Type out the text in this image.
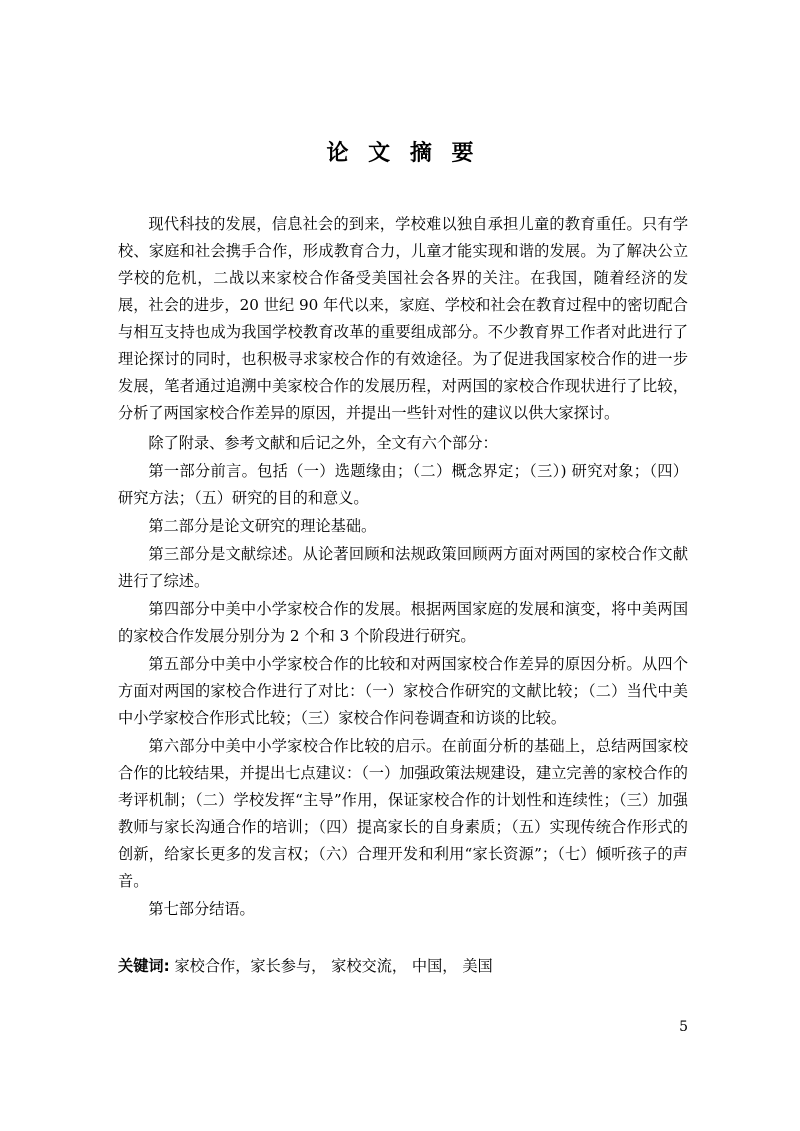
论 文 摘 要

现代科技的发展，信息社会的到来，学校难以独自承担儿童的教育重任。只有学校、家庭和社会携手合作，形成教育合力，儿童才能实现和谐的发展。为了解决公立学校的危机，二战以来家校合作备受美国社会各界的关注。在我国，随着经济的发展，社会的进步，20 世纪 90 年代以来，家庭、学校和社会在教育过程中的密切配合与相互支持也成为我国学校教育改革的重要组成部分。不少教育界工作者对此进行了理论探讨的同时，也积极寻求家校合作的有效途径。为了促进我国家校合作的进一步发展，笔者通过追溯中美家校合作的发展历程，对两国的家校合作现状进行了比较，分析了两国家校合作差异的原因，并提出一些针对性的建议以供大家探讨。

除了附录、参考文献和后记之外，全文有六个部分：

第一部分前言。包括（一）选题缘由；（二）概念界定；（三）) 研究对象；（四）研究方法；（五）研究的目的和意义。

第二部分是论文研究的理论基础。

第三部分是文献综述。从论著回顾和法规政策回顾两方面对两国的家校合作文献进行了综述。

第四部分中美中小学家校合作的发展。根据两国家庭的发展和演变，将中美两国的家校合作发展分别分为 2 个和 3 个阶段进行研究。

第五部分中美中小学家校合作的比较和对两国家校合作差异的原因分析。从四个方面对两国的家校合作进行了对比：（一）家校合作研究的文献比较；（二）当代中美中小学家校合作形式比较；（三）家校合作问卷调查和访谈的比较。

第六部分中美中小学家校合作比较的启示。在前面分析的基础上，总结两国家校合作的比较结果，并提出七点建议：（一）加强政策法规建设，建立完善的家校合作的考评机制；（二）学校发挥“主导”作用，保证家校合作的计划性和连续性；（三）加强教师与家长沟通合作的培训；（四）提高家长的自身素质；（五）实现传统合作形式的创新，给家长更多的发言权；（六）合理开发和利用“家长资源”；（七）倾听孩子的声音。

第七部分结语。

关键词: 家校合作，家长参与， 家校交流， 中国， 美国
5
